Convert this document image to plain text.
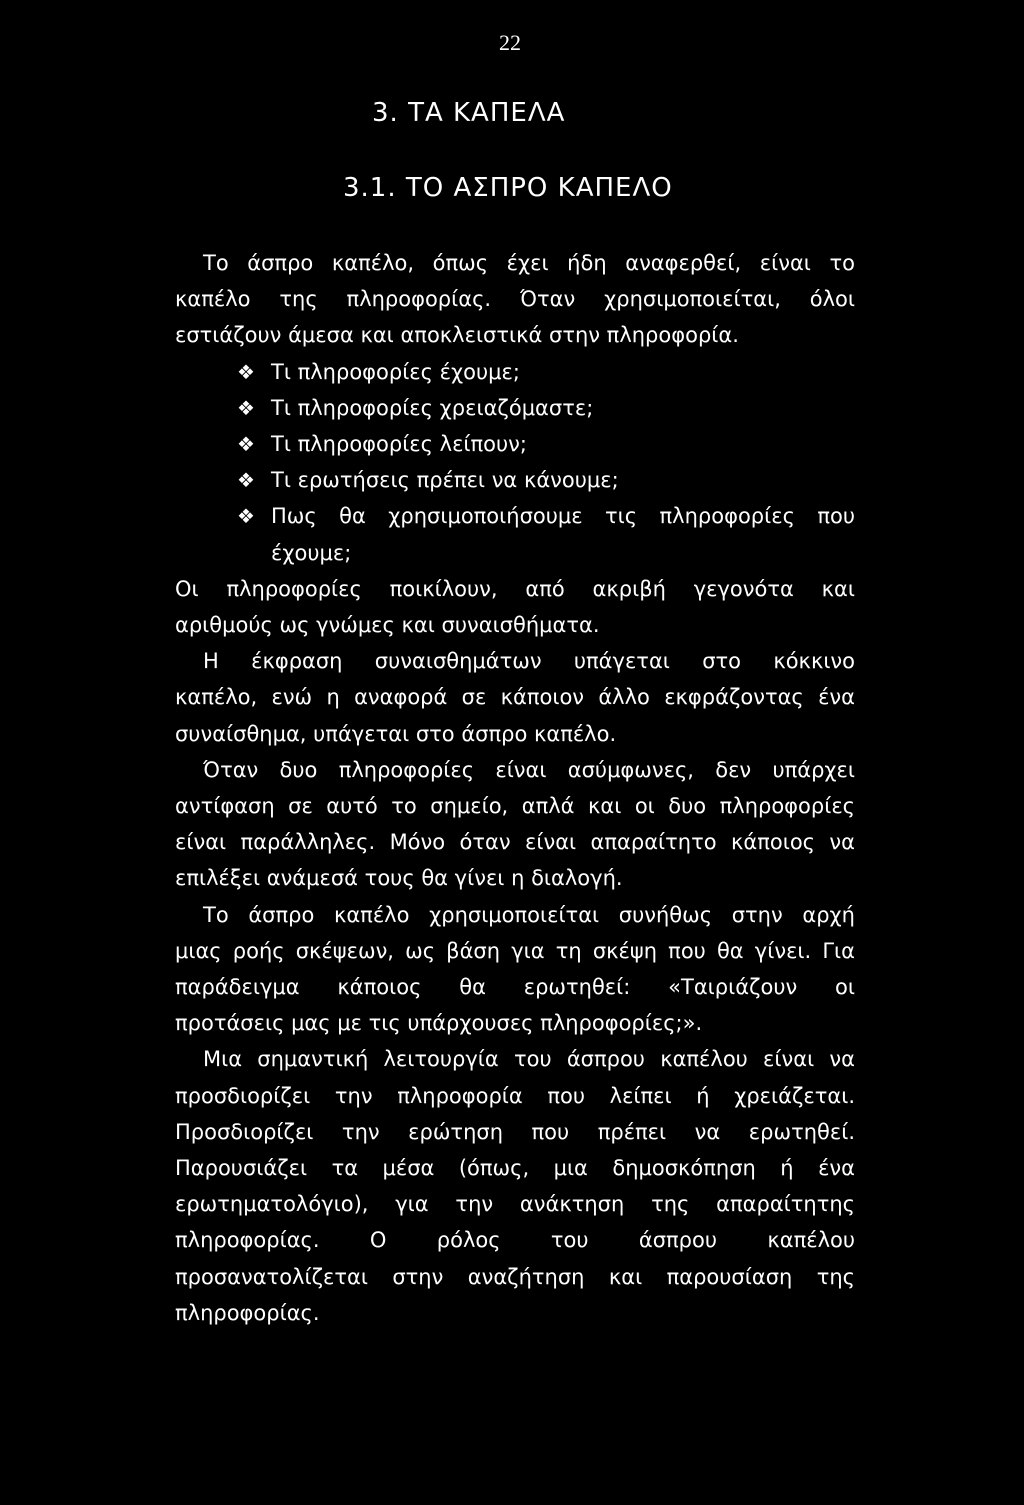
22
3. ΤΑ ΚΑΠΕΛΑ
3.1. ΤΟ ΑΣΠΡΟ ΚΑΠΕΛΟ
Το άσπρο καπέλο, όπως έχει ήδη αναφερθεί, είναι το
καπέλο της πληροφορίας. Όταν χρησιμοποιείται, όλοι
εστιάζουν άμεσα και αποκλειστικά στην πληροφορία.
❖ Τι πληροφορίες έχουμε;
❖ Τι πληροφορίες χρειαζόμαστε;
❖ Τι πληροφορίες λείπουν;
❖ Τι ερωτήσεις πρέπει να κάνουμε;
❖ Πως θα χρησιμοποιήσουμε τις πληροφορίες που
έχουμε;
Οι πληροφορίες ποικίλουν, από ακριβή γεγονότα και
αριθμούς ως γνώμες και συναισθήματα.
Η έκφραση συναισθημάτων υπάγεται στο κόκκινο
καπέλο, ενώ η αναφορά σε κάποιον άλλο εκφράζοντας ένα
συναίσθημα, υπάγεται στο άσπρο καπέλο.
Όταν δυο πληροφορίες είναι ασύμφωνες, δεν υπάρχει
αντίφαση σε αυτό το σημείο, απλά και οι δυο πληροφορίες
είναι παράλληλες. Μόνο όταν είναι απαραίτητο κάποιος να
επιλέξει ανάμεσά τους θα γίνει η διαλογή.
Το άσπρο καπέλο χρησιμοποιείται συνήθως στην αρχή
μιας ροής σκέψεων, ως βάση για τη σκέψη που θα γίνει. Για
παράδειγμα κάποιος θα ερωτηθεί: «Ταιριάζουν οι
προτάσεις μας με τις υπάρχουσες πληροφορίες;».
Μια σημαντική λειτουργία του άσπρου καπέλου είναι να
προσδιορίζει την πληροφορία που λείπει ή χρειάζεται.
Προσδιορίζει την ερώτηση που πρέπει να ερωτηθεί.
Παρουσιάζει τα μέσα (όπως, μια δημοσκόπηση ή ένα
ερωτηματολόγιο), για την ανάκτηση της απαραίτητης
πληροφορίας. Ο ρόλος του άσπρου καπέλου
προσανατολίζεται στην αναζήτηση και παρουσίαση της
πληροφορίας.
